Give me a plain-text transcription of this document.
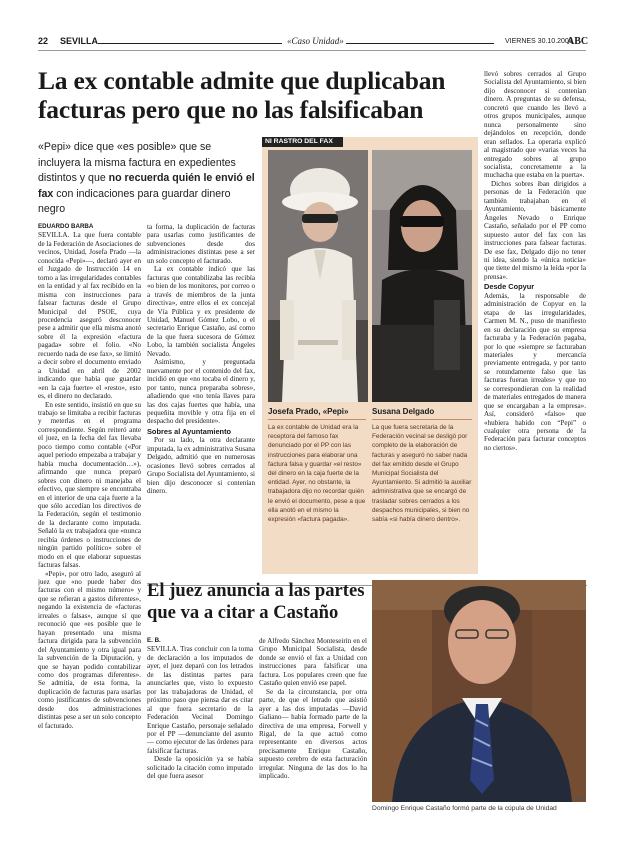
22 SEVILLA	«Caso Unidad»	VIERNES 30.10.2009
ABC
La ex contable admite que duplicaban facturas pero que no las falsificaban
«Pepi» dice que «es posible» que se incluyera la misma factura en expedientes distintos y que no recuerda quién le envió el fax con indicaciones para guardar dinero negro

EDUARDO BARBA

SEVILLA. La que fuera contable de la Federación de Asociaciones de vecinos, Unidad, Josefa Prado —la conocida «Pepi»—, declaró ayer en el Juzgado de Instrucción 14 en torno a las irregularidades contables en la entidad y al fax recibido en la misma con instrucciones para falsear facturas desde el Grupo Municipal del PSOE, cuya procedencia aseguró desconocer pese a admitir que ella misma anotó sobre él la expresión «factura pagada» sobre el folio. «No recuerdo nada de ese fax», se limitó a decir sobre el documento enviado a Unidad en abril de 2002 indicando que había que guardar «en la caja fuerte» el «resto», esto es, el dinero no declarado.

En este sentido, insistió en que su trabajo se limitaba a recibir facturas y meterlas en el programa correspondiente. Según reiteró ante el juez, en la fecha del fax llevaba poco tiempo como contable («Por aquel periodo empezaba a trabajar y había mucha documentación…»), afirmando que nunca preparó sobres con dinero ni manejaba el efectivo, que siempre se encontraba en el interior de una caja fuerte a la que sólo accedían los directivos de la Federación, según el testimonio de la declarante como imputada. Señaló la ex trabajadora que «nunca recibía órdenes o instrucciones de ningún partido político» sobre el modo en el que elaborar supuestas facturas falsas.

«Pepi», por otro lado, aseguró al juez que «no puede haber dos facturas con el mismo número» y que se refieran a gastos diferentes», negando la existencia de «facturas irreales o falsas», aunque sí que reconoció que «es posible que le hayan presentado una misma factura dirigida para la subvención del Ayuntamiento y otra igual para la subvención de la Diputación, y que se hayan podido contabilizar como dos programas diferentes». Se admitía, de esta forma, la duplicación de facturas para usarlas como justificantes de subvenciones desde dos administraciones distintas pese a ser un solo concepto el facturado.

ta forma, la duplicación de facturas para usarlas como justificantes de subvenciones desde dos administraciones distintas pese a ser un solo concepto el facturado.

La ex contable indicó que las facturas que contabilizaba las recibía «o bien de los monitores, por correo o a través de miembros de la junta directiva», entre ellos el ex concejal de Vía Pública y ex presidente de Unidad, Manuel Gómez Lobo, o el secretario Enrique Castaño, así como de la que fuera sucesora de Gómez Lobo, la también socialista Ángeles Nevado.

Asimismo, y preguntada nuevamente por el contenido del fax, incidió en que «no tocaba el dinero y, por tanto, nunca preparaba sobres», añadiendo que «no tenía llaves para las dos cajas fuertes que había, una pequeñita movible y otra fija en el despacho del presidente».

Sobres al Ayuntamiento

Por su lado, la otra declarante imputada, la ex administrativa Susana Delgado, admitió que en numerosas ocasiones llevó sobres cerrados al Grupo Socialista del Ayuntamiento, si bien dijo desconocer si contenían dinero.

llevó sobres cerrados al Grupo Socialista del Ayuntamiento, si bien dijo desconocer si contenían dinero. A preguntas de su defensa, concretó que cuando les llevó a otros grupos municipales, aunque nunca personalmente sino dejándolos en recepción, donde eran sellados. La operaria explicó al magistrado que «varias veces ha entregado sobres al grupo socialista, concretamente a la muchacha que estaba en la puerta».

Dichos sobres iban dirigidos a personas de la Federación que también trabajaban en el Ayuntamiento, básicamente Ángeles Nevado o Enrique Castaño, señalado por el PP como supuesto autor del fax con las instrucciones para falsear facturas. De ese fax, Delgado dijo no tener ni idea, siendo la «única noticia» que tiene del mismo la leída «por la prensa».

Desde Copyur

Además, la responsable de administración de Copyur en la etapa de las irregularidades, Carmen M. N., puso de manifiesto en su declaración que su empresa facturaba y la Federación pagaba, por lo que «siempre se facturaban materiales y mercancía previamente entregada, y por tanto se rotundamente falso que las facturas fueran irreales» y que no se correspondieran con la realidad de materiales entregados de manera que se encargaban a la empresa». Así, consideró «falso» que «hubiera habido con “Pepi” o cualquier otra persona de la Federación para facturar conceptos no ciertos».

NI RASTRO DEL FAX
Josefa Prado, «Pepi»	Susana Delgado
La ex contable de Unidad era la receptora del famoso fax denunciado por el PP con las instrucciones para elaborar una factura falsa y guardar «el resto» del dinero en la caja fuerte de la entidad. Ayer, no obstante, la trabajadora dijo no recordar quién le envió el documento, pese a que ella anotó en el mismo la expresión «factura pagada».
La que fuera secretaria de la Federación vecinal se desligó por completo de la elaboración de facturas y aseguró no saber nada del fax emitido desde el Grupo Municipal Socialista del Ayuntamiento. Si admitió la auxiliar administrativa que se encargó de trasladar sobres cerrados a los despachos municipales, si bien no sabía «si había dinero dentro».
El juez anuncia a las partes que va a citar a Castaño

E. B.

SEVILLA. Tras concluir con la toma de declaración a los imputados de ayer, el juez deparó con los letrados de las distintas partes para anunciarles que, visto lo expuesto por las trabajadoras de Unidad, el próximo paso que piensa dar es citar al que fuera secretario de la Federación Vecinal Domingo Enrique Castaño, personaje señalado por el PP —denunciante del asunto— como ejecutor de las órdenes para falsificar facturas.

Desde la oposición ya se había solicitado la citación como imputado del que fuera asesor

de Alfredo Sánchez Monteseirín en el Grupo Municipal Socialista, desde donde se envió el fax a Unidad con instrucciones para falsificar una factura. Los populares creen que fue Castaño quien envió ese papel.

Se da la circunstancia, por otra parte, de que el letrado que asistió ayer a las dos imputadas —David Galiano— había formado parte de la directiva de una empresa, Forwell y Rigal, de la que actuó como representante en diversos actos precisamente Enrique Castaño, supuesto cerebro de esta facturación irregular. Ninguna de las dos lo ha implicado.

Domingo Enrique Castaño formó parte de la cúpula de Unidad
ABC
